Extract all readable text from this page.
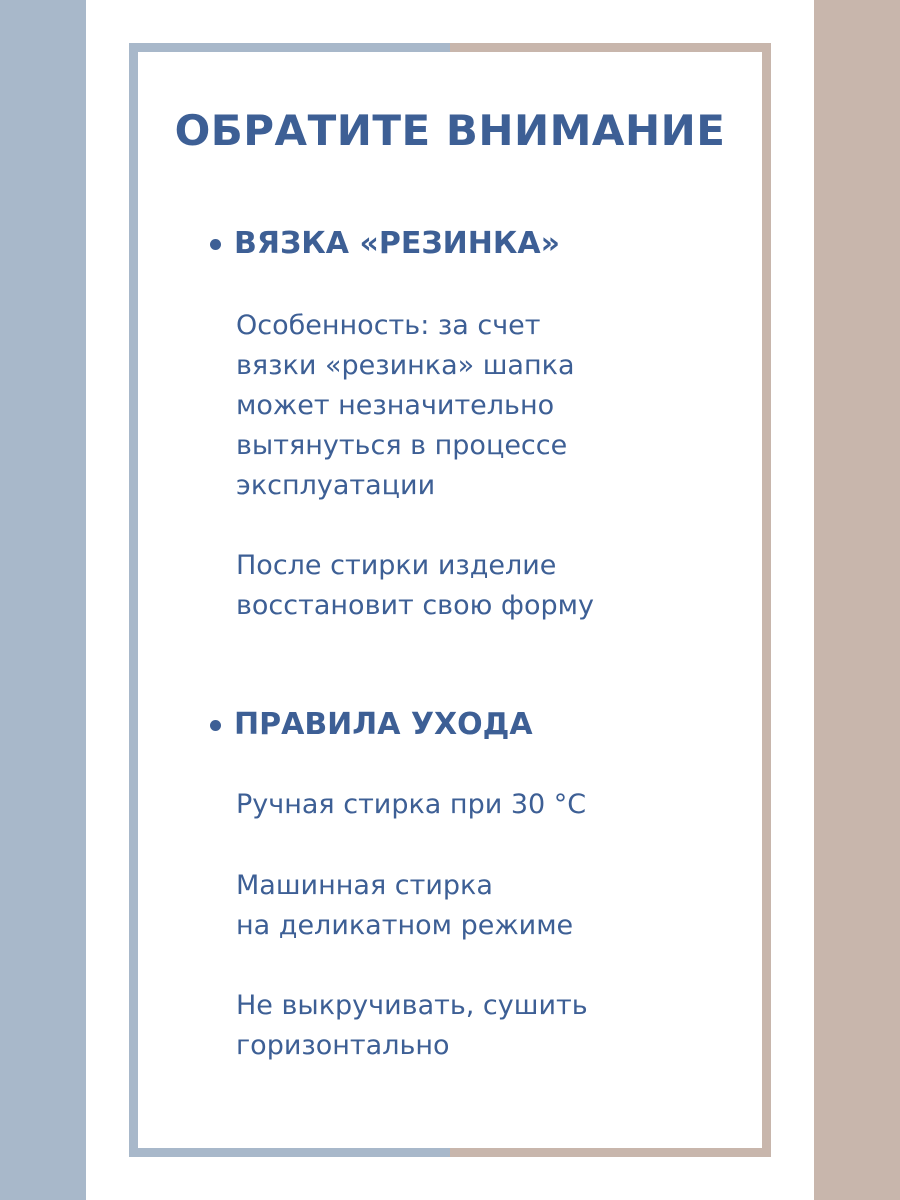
ОБРАТИТЕ ВНИМАНИЕ
ВЯЗКА «РЕЗИНКА»

Особенность: за счет
вязки «резинка» шапка
может незначительно
вытянуться в процессе
эксплуатации

После стирки изделие
восстановит свою форму

ПРАВИЛА УХОДА

Ручная стирка при 30 °С

Машинная стирка
на деликатном режиме

Не выкручивать, сушить
горизонтально
